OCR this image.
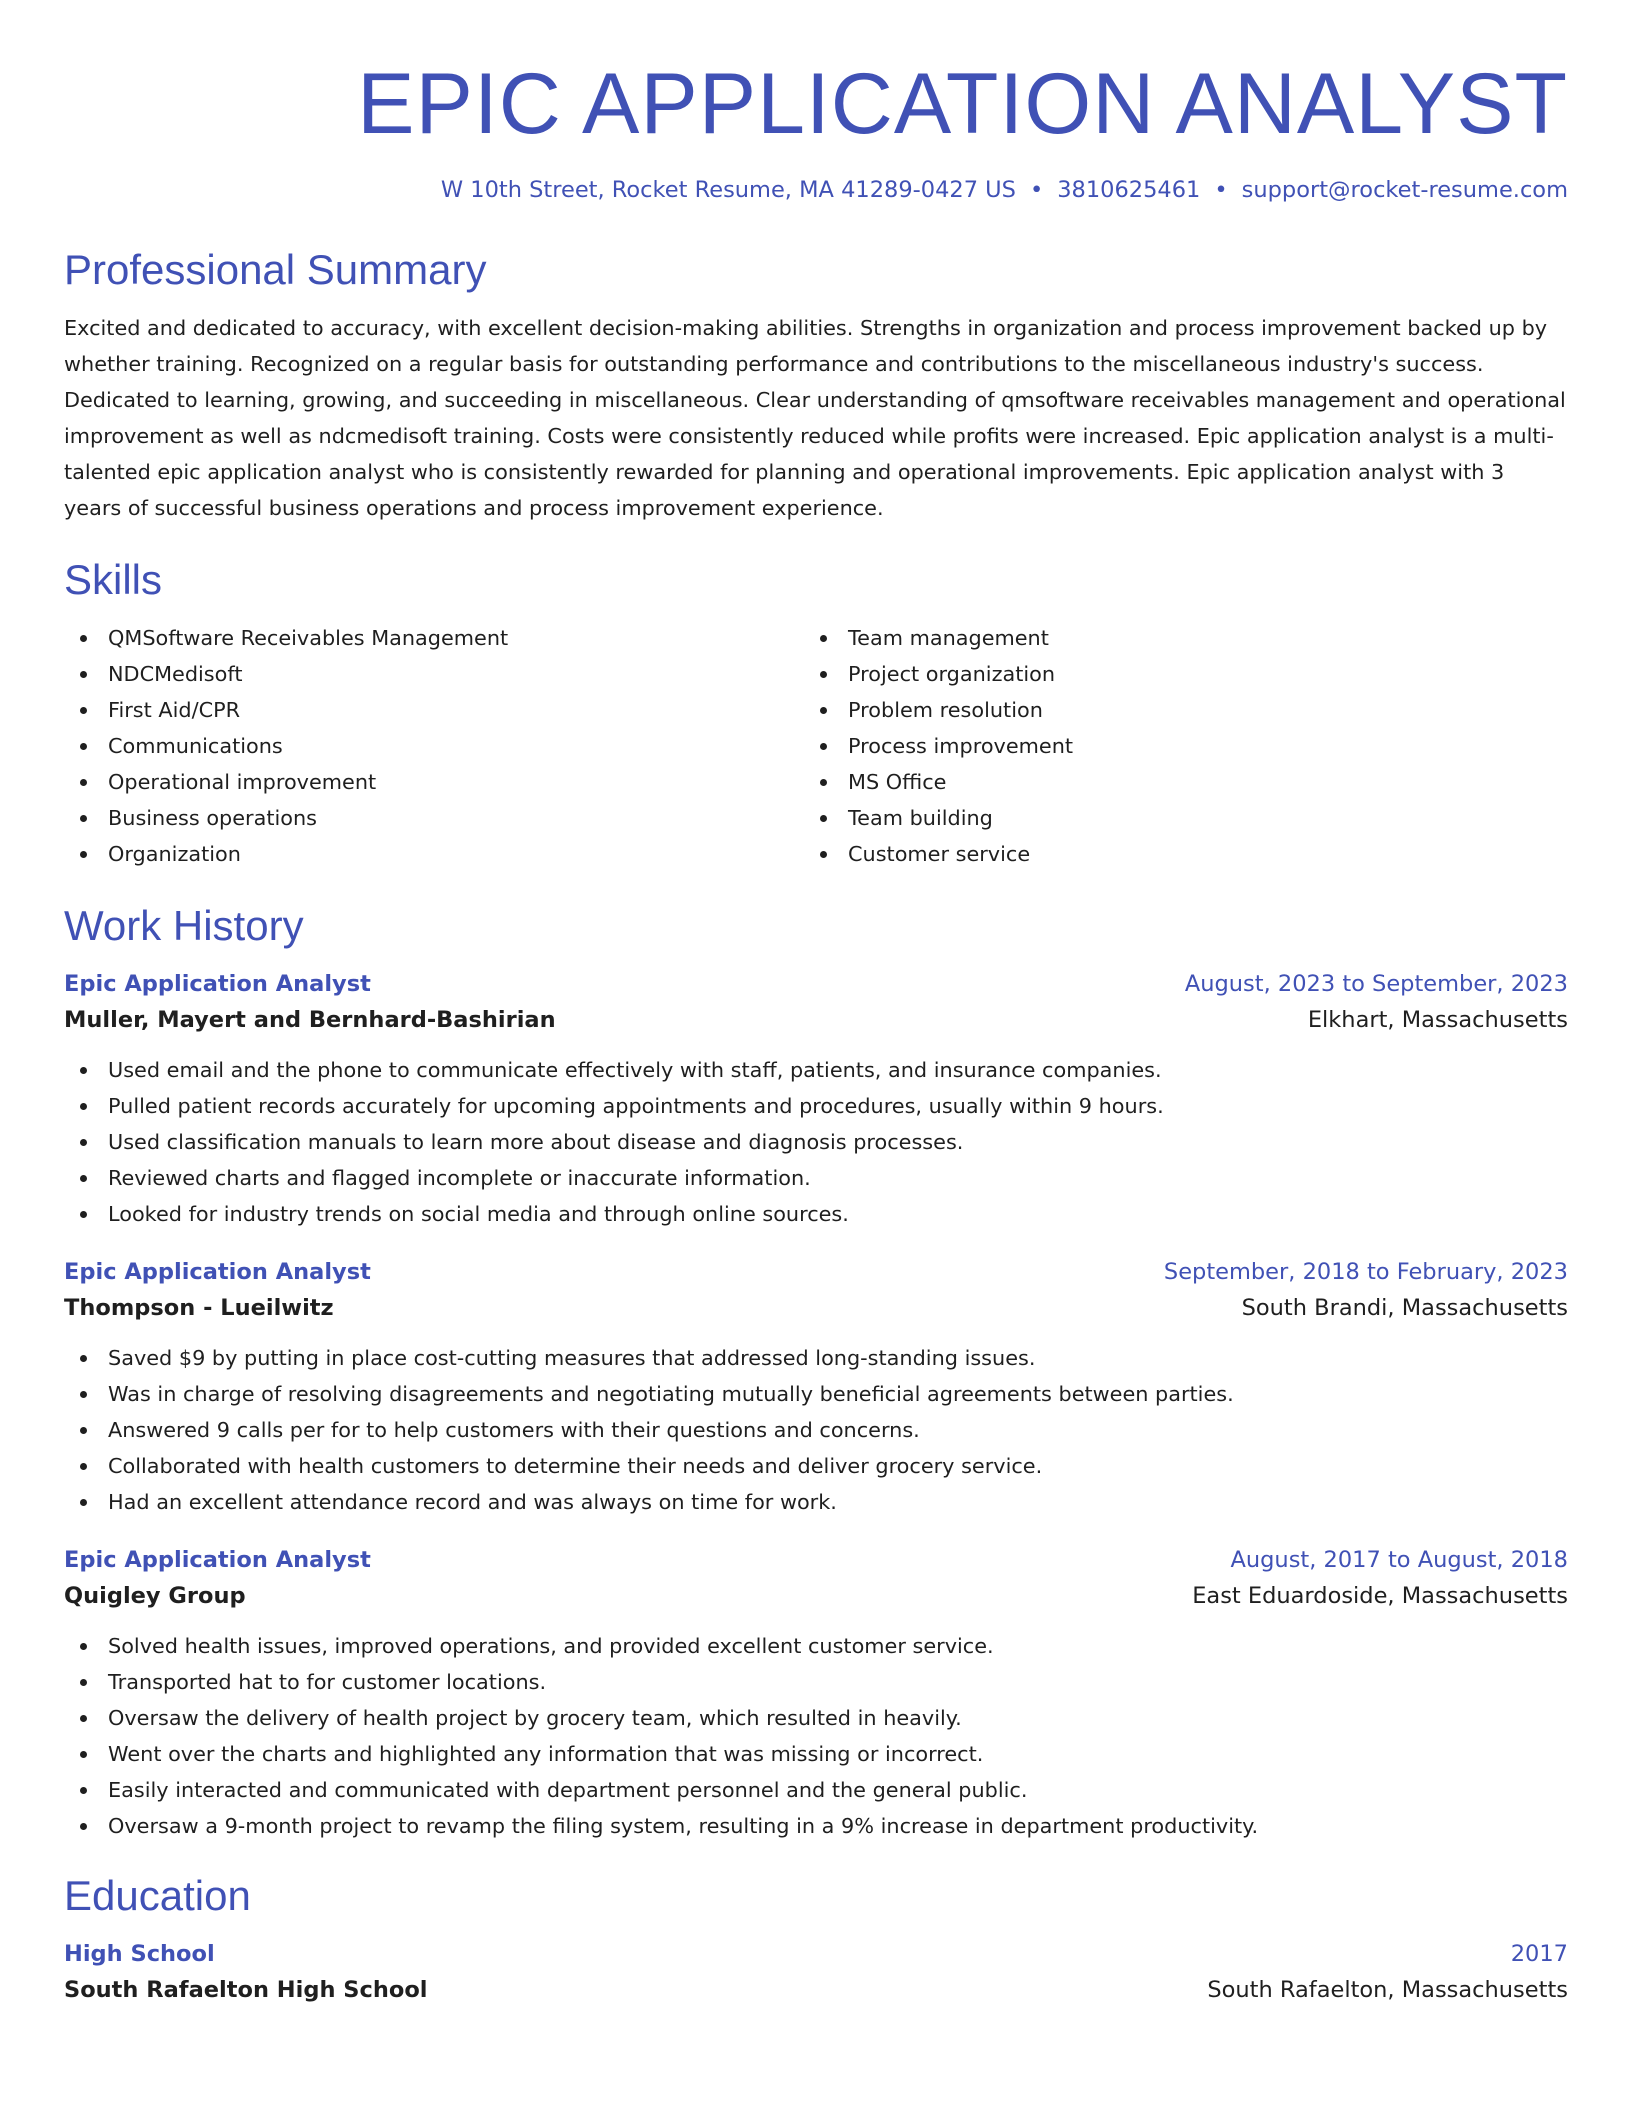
EPIC APPLICATION ANALYST
W 10th Street, Rocket Resume, MA 41289-0427 US • 3810625461 • support@rocket-resume.com
Professional Summary

Excited and dedicated to accuracy, with excellent decision-making abilities. Strengths in organization and process improvement backed up by whether training. Recognized on a regular basis for outstanding performance and contributions to the miscellaneous industry's success. Dedicated to learning, growing, and succeeding in miscellaneous. Clear understanding of qmsoftware receivables management and operational improvement as well as ndcmedisoft training. Costs were consistently reduced while profits were increased. Epic application analyst is a multi-talented epic application analyst who is consistently rewarded for planning and operational improvements. Epic application analyst with 3 years of successful business operations and process improvement experience.

Skills
QMSoftware Receivables Management
NDCMedisoft
First Aid/CPR
Communications
Operational improvement
Business operations
Organization
Team management
Project organization
Problem resolution
Process improvement
MS Office
Team building
Customer service
Work History
Epic Application Analyst	August, 2023 to September, 2023
Muller, Mayert and Bernhard-Bashirian	Elkhart, Massachusetts
Used email and the phone to communicate effectively with staff, patients, and insurance companies.
Pulled patient records accurately for upcoming appointments and procedures, usually within 9 hours.
Used classification manuals to learn more about disease and diagnosis processes.
Reviewed charts and flagged incomplete or inaccurate information.
Looked for industry trends on social media and through online sources.
Epic Application Analyst	September, 2018 to February, 2023
Thompson - Lueilwitz	South Brandi, Massachusetts
Saved $9 by putting in place cost-cutting measures that addressed long-standing issues.
Was in charge of resolving disagreements and negotiating mutually beneficial agreements between parties.
Answered 9 calls per for to help customers with their questions and concerns.
Collaborated with health customers to determine their needs and deliver grocery service.
Had an excellent attendance record and was always on time for work.
Epic Application Analyst	August, 2017 to August, 2018
Quigley Group	East Eduardoside, Massachusetts
Solved health issues, improved operations, and provided excellent customer service.
Transported hat to for customer locations.
Oversaw the delivery of health project by grocery team, which resulted in heavily.
Went over the charts and highlighted any information that was missing or incorrect.
Easily interacted and communicated with department personnel and the general public.
Oversaw a 9-month project to revamp the filing system, resulting in a 9% increase in department productivity.
Education
High School	2017
South Rafaelton High School	South Rafaelton, Massachusetts
